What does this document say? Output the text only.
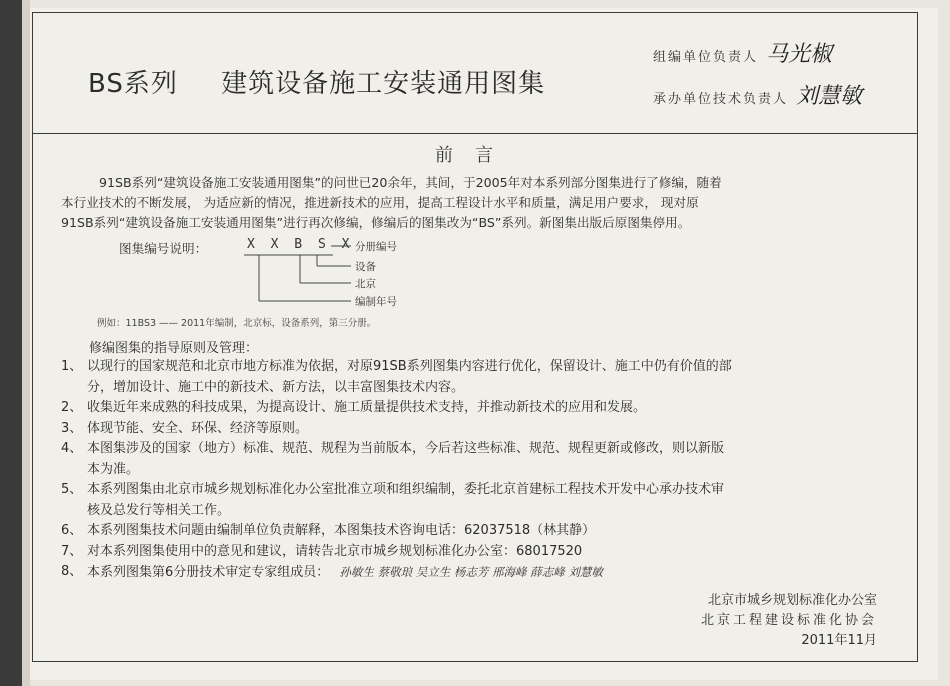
BS系列 建筑设备施工安装通用图集
组编单位负责人 马光椒
承办单位技术负责人 刘慧敏
前言

91SB系列“建筑设备施工安装通用图集”的问世已20余年，其间，于2005年对本系列部分图集进行了修编，随着

本行业技术的不断发展， 为适应新的情况，推进新技术的应用，提高工程设计水平和质量，满足用户要求， 现对原

91SB系列“建筑设备施工安装通用图集”进行再次修编，修编后的图集改为“BS”系列。新图集出版后原图集停用。

图集编号说明：	X X B S X 分册编号
设备
北京
编制年号
例如：11BS3 —— 2011年编制，北京标，设备系列，第三分册。
修编图集的指导原则及管理：
1、 以现行的国家规范和北京市地方标准为依据，对原91SB系列图集内容进行优化，保留设计、施工中仍有价值的部
分，增加设计、施工中的新技术、新方法，以丰富图集技术内容。
2、 收集近年来成熟的科技成果，为提高设计、施工质量提供技术支持，并推动新技术的应用和发展。
3、 体现节能、安全、环保、经济等原则。
4、 本图集涉及的国家（地方）标准、规范、规程为当前版本，今后若这些标准、规范、规程更新或修改，则以新版
本为准。
5、 本系列图集由北京市城乡规划标准化办公室批准立项和组织编制，委托北京首建标工程技术开发中心承办技术审
核及总发行等相关工作。
6、 本系列图集技术问题由编制单位负责解释，本图集技术咨询电话：62037518（林其静）
7、 对本系列图集使用中的意见和建议，请转告北京市城乡规划标准化办公室：68017520
8、 本系列图集第6分册技术审定专家组成员： 孙敏生 蔡敬琅 吴立生 杨志芳 邢海峰 薛志峰 刘慧敏
北京市城乡规划标准化办公室
北京工程建设标准化协会
2011年11月
